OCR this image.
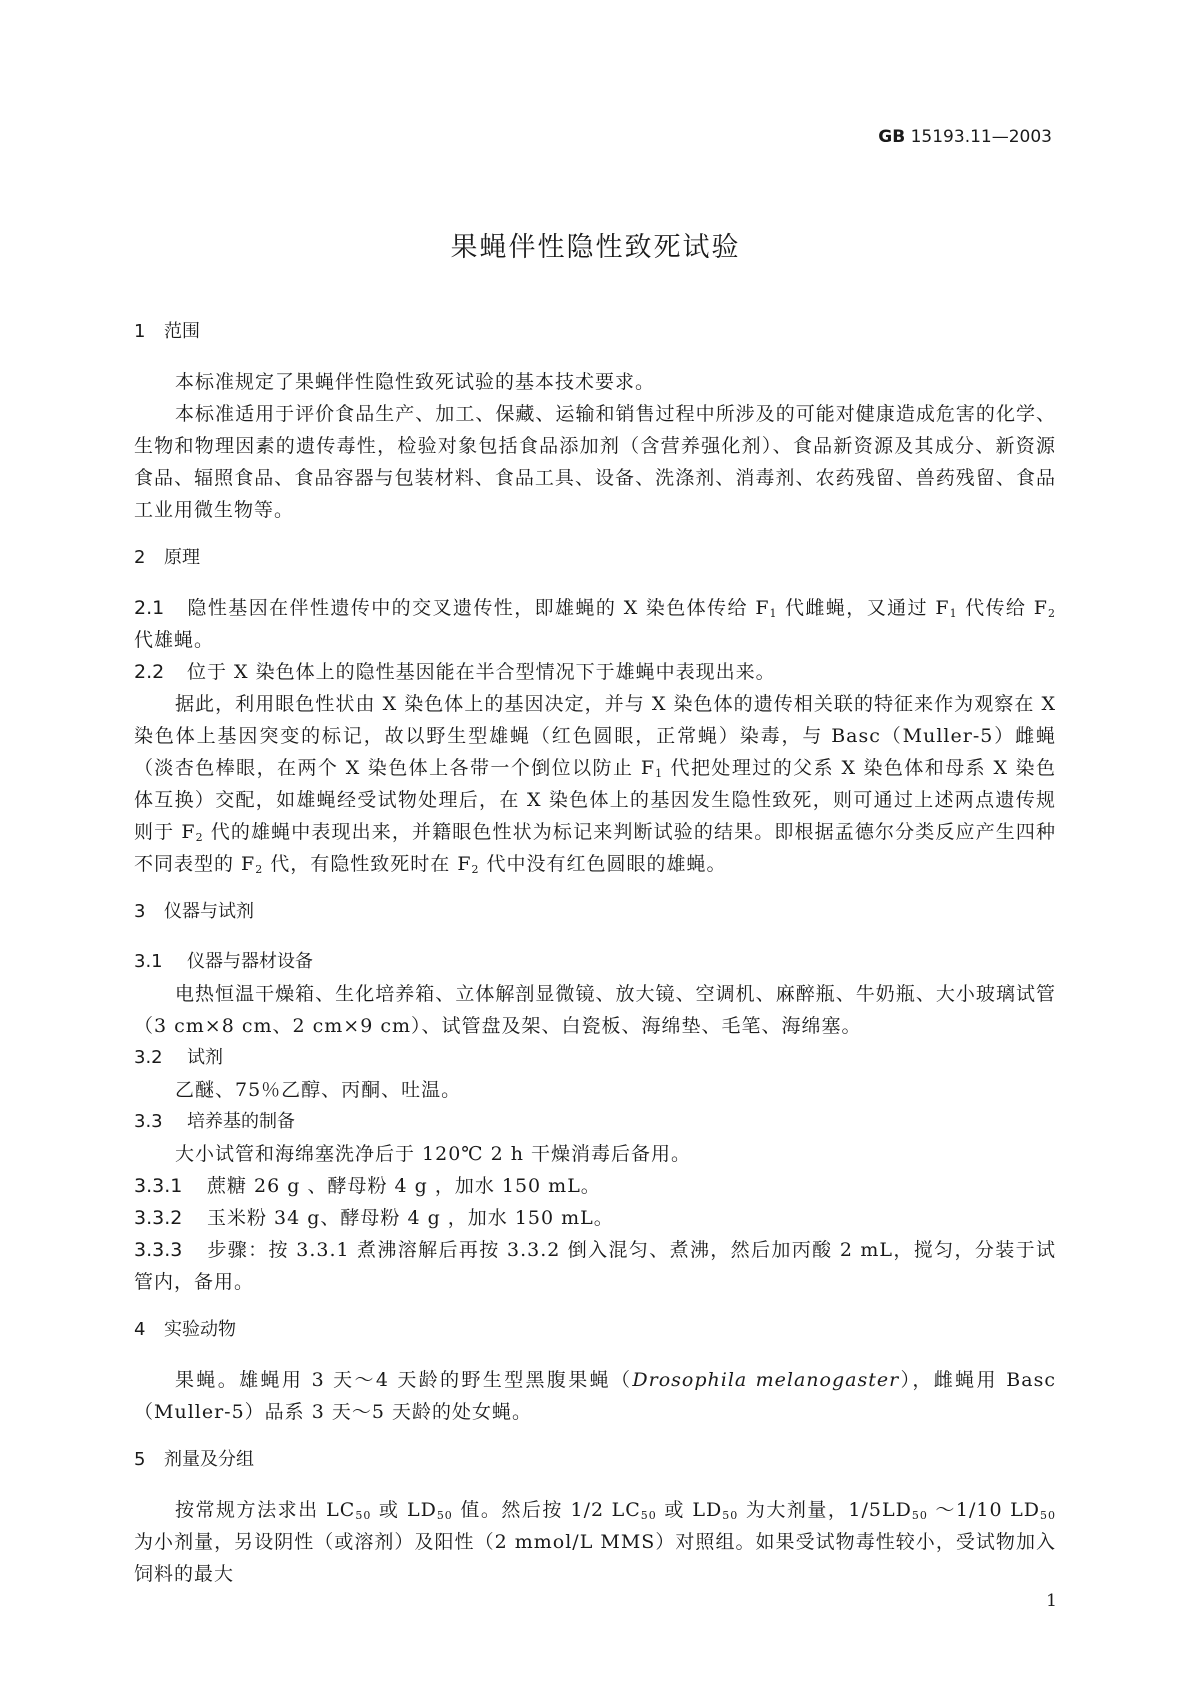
GB 15193.11—2003
果蝇伴性隐性致死试验
1 范围

本标准规定了果蝇伴性隐性致死试验的基本技术要求。

本标准适用于评价食品生产、加工、保藏、运输和销售过程中所涉及的可能对健康造成危害的化学、生物和物理因素的遗传毒性，检验对象包括食品添加剂（含营养强化剂）、食品新资源及其成分、新资源食品、辐照食品、食品容器与包装材料、食品工具、设备、洗涤剂、消毒剂、农药残留、兽药残留、食品工业用微生物等。

2 原理

2.1 隐性基因在伴性遗传中的交叉遗传性，即雄蝇的 X 染色体传给 $F_1$ 代雌蝇，又通过 $F_1$ 代传给 $F_2$ 代雄蝇。

2.2 位于 X 染色体上的隐性基因能在半合型情况下于雄蝇中表现出来。

据此，利用眼色性状由 X 染色体上的基因决定，并与 X 染色体的遗传相关联的特征来作为观察在 X 染色体上基因突变的标记，故以野生型雄蝇（红色圆眼，正常蝇）染毒，与 Basc（Muller-5）雌蝇（淡杏色棒眼，在两个 X 染色体上各带一个倒位以防止 $F_1$ 代把处理过的父系 X 染色体和母系 X 染色体互换）交配，如雄蝇经受试物处理后，在 X 染色体上的基因发生隐性致死，则可通过上述两点遗传规则于 $F_2$ 代的雄蝇中表现出来，并籍眼色性状为标记来判断试验的结果。即根据孟德尔分类反应产生四种不同表型的 $F_2$ 代，有隐性致死时在 $F_2$ 代中没有红色圆眼的雄蝇。

3 仪器与试剂
3.1 仪器与器材设备

电热恒温干燥箱、生化培养箱、立体解剖显微镜、放大镜、空调机、麻醉瓶、牛奶瓶、大小玻璃试管（3 cm×8 cm、2 cm×9 cm）、试管盘及架、白瓷板、海绵垫、毛笔、海绵塞。

3.2 试剂

乙醚、75％乙醇、丙酮、吐温。

3.3 培养基的制备

大小试管和海绵塞洗净后于 120℃ 2 h 干燥消毒后备用。

3.3.1 蔗糖 26 g 、酵母粉 4 g ，加水 150 mL。

3.3.2 玉米粉 34 g、酵母粉 4 g ，加水 150 mL。

3.3.3 步骤：按 3.3.1 煮沸溶解后再按 3.3.2 倒入混匀、煮沸，然后加丙酸 2 mL，搅匀，分装于试管内，备用。

4 实验动物

果蝇。雄蝇用 3 天～4 天龄的野生型黑腹果蝇（Drosophila melanogaster），雌蝇用 Basc（Muller-5）品系 3 天～5 天龄的处女蝇。

5 剂量及分组

按常规方法求出 $LC_{50}$ 或 $LD_{50}$ 值。然后按 1/2 $LC_{50}$ 或 $LD_{50}$ 为大剂量，$1/5LD_{50}$ ～1/10 $LD_{50}$ 为小剂量，另设阴性（或溶剂）及阳性（2 mmol/L MMS）对照组。如果受试物毒性较小，受试物加入饲料的最大

1
